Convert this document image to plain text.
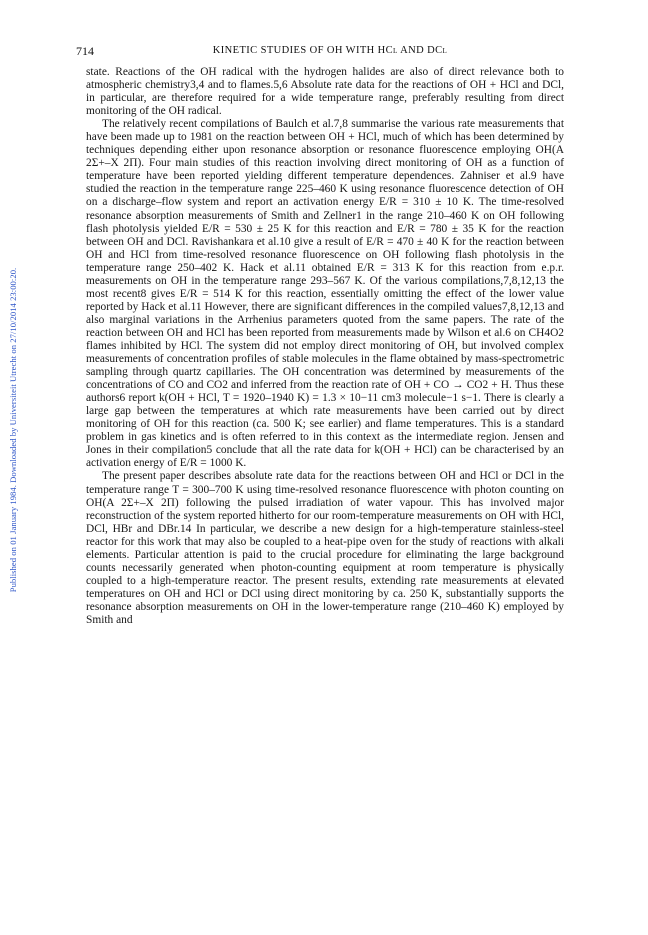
Published on 01 January 1984. Downloaded by Universiteit Utrecht on 27/10/2014 23:00:20.
714	KINETIC STUDIES OF OH WITH HCl AND DCl

state. Reactions of the OH radical with the hydrogen halides are also of direct relevance both to atmospheric chemistry3,4 and to flames.5,6 Absolute rate data for the reactions of OH + HCl and DCl, in particular, are therefore required for a wide temperature range, preferably resulting from direct monitoring of the OH radical.

The relatively recent compilations of Baulch et al.7,8 summarise the various rate measurements that have been made up to 1981 on the reaction between OH + HCl, much of which has been determined by techniques depending either upon resonance absorption or resonance fluorescence employing OH(A 2Σ+–X 2Π). Four main studies of this reaction involving direct monitoring of OH as a function of temperature have been reported yielding different temperature dependences. Zahniser et al.9 have studied the reaction in the temperature range 225–460 K using resonance fluorescence detection of OH on a discharge–flow system and report an activation energy E/R = 310 ± 10 K. The time-resolved resonance absorption measurements of Smith and Zellner1 in the range 210–460 K on OH following flash photolysis yielded E/R = 530 ± 25 K for this reaction and E/R = 780 ± 35 K for the reaction between OH and DCl. Ravishankara et al.10 give a result of E/R = 470 ± 40 K for the reaction between OH and HCl from time-resolved resonance fluorescence on OH following flash photolysis in the temperature range 250–402 K. Hack et al.11 obtained E/R = 313 K for this reaction from e.p.r. measurements on OH in the temperature range 293–567 K. Of the various compilations,7,8,12,13 the most recent8 gives E/R = 514 K for this reaction, essentially omitting the effect of the lower value reported by Hack et al.11 However, there are significant differences in the compiled values7,8,12,13 and also marginal variations in the Arrhenius parameters quoted from the same papers. The rate of the reaction between OH and HCl has been reported from measurements made by Wilson et al.6 on CH4O2 flames inhibited by HCl. The system did not employ direct monitoring of OH, but involved complex measurements of concentration profiles of stable molecules in the flame obtained by mass-spectrometric sampling through quartz capillaries. The OH concentration was determined by measurements of the concentrations of CO and CO2 and inferred from the reaction rate of OH + CO → CO2 + H. Thus these authors6 report k(OH + HCl, T = 1920–1940 K) = 1.3 × 10−11 cm3 molecule−1 s−1. There is clearly a large gap between the temperatures at which rate measurements have been carried out by direct monitoring of OH for this reaction (ca. 500 K; see earlier) and flame temperatures. This is a standard problem in gas kinetics and is often referred to in this context as the intermediate region. Jensen and Jones in their compilation5 conclude that all the rate data for k(OH + HCl) can be characterised by an activation energy of E/R = 1000 K.

The present paper describes absolute rate data for the reactions between OH and HCl or DCl in the temperature range T = 300–700 K using time-resolved resonance fluorescence with photon counting on OH(A 2Σ+–X 2Π) following the pulsed irradiation of water vapour. This has involved major reconstruction of the system reported hitherto for our room-temperature measurements on OH with HCl, DCl, HBr and DBr.14 In particular, we describe a new design for a high-temperature stainless-steel reactor for this work that may also be coupled to a heat-pipe oven for the study of reactions with alkali elements. Particular attention is paid to the crucial procedure for eliminating the large background counts necessarily generated when photon-counting equipment at room temperature is physically coupled to a high-temperature reactor. The present results, extending rate measurements at elevated temperatures on OH and HCl or DCl using direct monitoring by ca. 250 K, substantially supports the resonance absorption measurements on OH in the lower-temperature range (210–460 K) employed by Smith and
